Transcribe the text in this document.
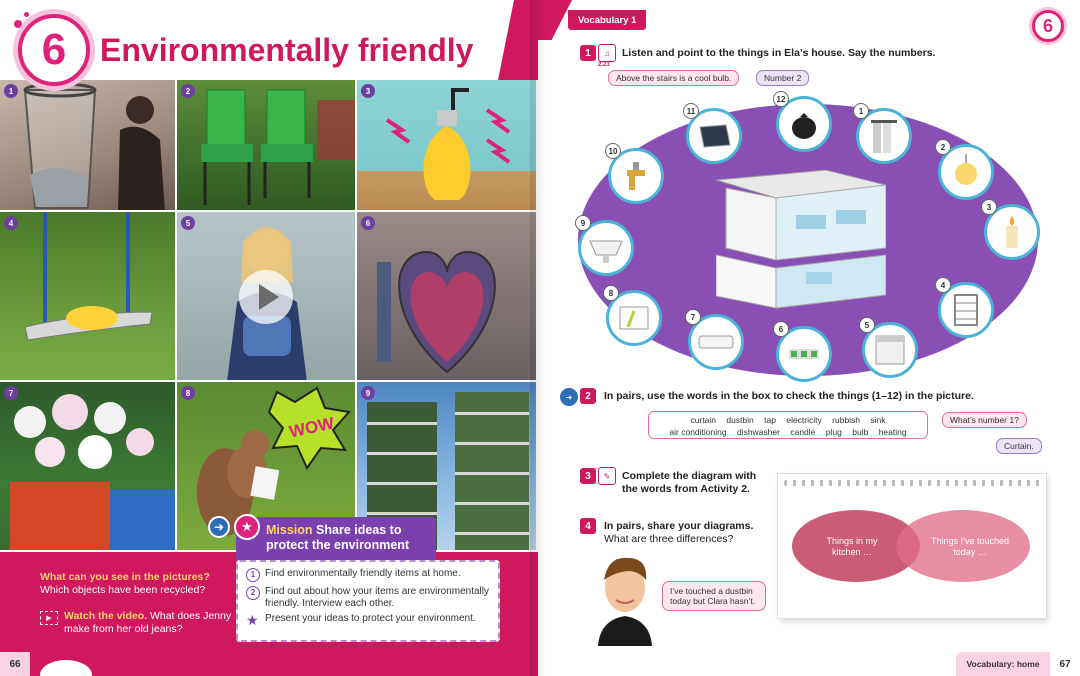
6 Environmentally friendly
1	2	3
4	5	6
7
WOW
8	9
➜	★	Mission Share ideas to
protect the environment
1 Find environmentally friendly items at home.
2 Find out about how your items are environmentally friendly. Interview each other.
★ Present your ideas to protect your environment.
What can you see in the pictures?
Which objects have been recycled?
▶	Watch the video. What does Jenny make from her old jeans?
66
Vocabulary 1	6
1	♫
2.23
Listen and point to the things in Ela’s house. Say the numbers.
Above the stairs is a cool bulb.	Number 2
1
2
3
4
5
6
7
8
9
10
11
12
➜	2	In pairs, use the words in the box to check the things (1–12) in the picture.
curtain dustbin tap electricity rubbish sink
air conditioning dishwasher candle plug bulb heating
What’s number 1?
Curtain.
3	✎	Complete the diagram with the words from Activity 2.
4	In pairs, share your diagrams.
What are three differences?
I’ve touched a dustbin today but Clara hasn’t.
Things in my kitchen …
Things I’ve touched today …
Vocabulary: home	67
